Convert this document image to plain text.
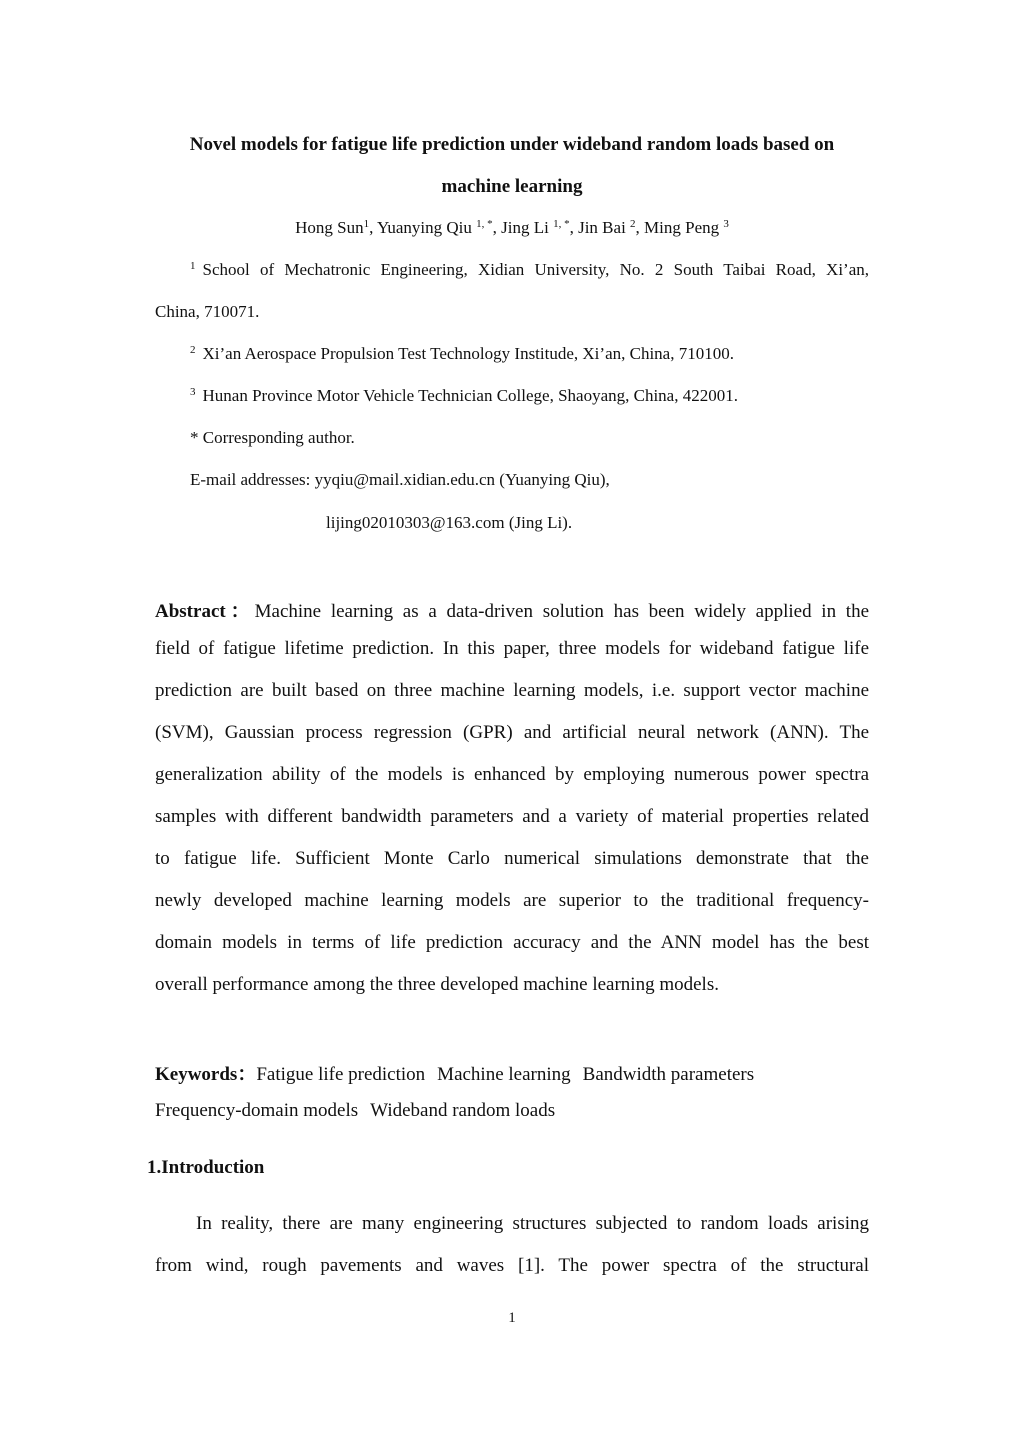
Novel models for fatigue life prediction under wideband random loads based on
machine learning
Hong Sun$^1$, Yuanying Qiu $^{1, *}$, Jing Li $^{1, *}$, Jin Bai $^2$, Ming Peng $^3$
$^1$ School of Mechatronic Engineering, Xidian University, No. 2 South Taibai Road, Xi’an,
China, 710071.
$^2$ Xi’an Aerospace Propulsion Test Technology Institude, Xi’an, China, 710100.
$^3$ Hunan Province Motor Vehicle Technician College, Shaoyang, China, 422001.
* Corresponding author.
E-mail addresses: yyqiu@mail.xidian.edu.cn (Yuanying Qiu),
lijing02010303@163.com (Jing Li).
Abstract：Machine learning as a data-driven solution has been widely applied in the
field of fatigue lifetime prediction. In this paper, three models for wideband fatigue life
prediction are built based on three machine learning models, i.e. support vector machine
(SVM), Gaussian process regression (GPR) and artificial neural network (ANN). The
generalization ability of the models is enhanced by employing numerous power spectra
samples with different bandwidth parameters and a variety of material properties related
to fatigue life. Sufficient Monte Carlo numerical simulations demonstrate that the
newly developed machine learning models are superior to the traditional frequency-
domain models in terms of life prediction accuracy and the ANN model has the best
overall performance among the three developed machine learning models.
Keywords：Fatigue life prediction Machine learning Bandwidth parameters
Frequency-domain models Wideband random loads
1.Introduction
In reality, there are many engineering structures subjected to random loads arising
from wind, rough pavements and waves [1]. The power spectra of the structural
1
